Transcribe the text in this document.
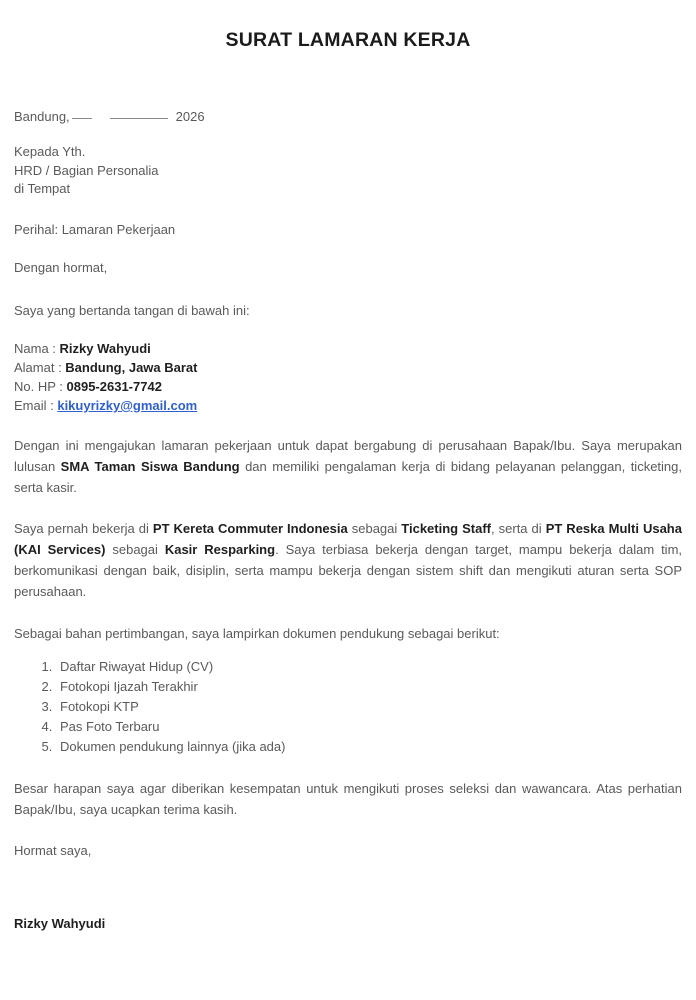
SURAT LAMARAN KERJA
Bandung,	2026
Kepada Yth.
HRD / Bagian Personalia
di Tempat
Perihal: Lamaran Pekerjaan
Dengan hormat,
Saya yang bertanda tangan di bawah ini:
Nama : Rizky Wahyudi
Alamat : Bandung, Jawa Barat
No. HP : 0895-2631-7742
Email : kikuyrizky@gmail.com

Dengan ini mengajukan lamaran pekerjaan untuk dapat bergabung di perusahaan Bapak/Ibu. Saya merupakan lulusan SMA Taman Siswa Bandung dan memiliki pengalaman kerja di bidang pelayanan pelanggan, ticketing, serta kasir.

Saya pernah bekerja di PT Kereta Commuter Indonesia sebagai Ticketing Staff, serta di PT Reska Multi Usaha (KAI Services) sebagai Kasir Resparking. Saya terbiasa bekerja dengan target, mampu bekerja dalam tim, berkomunikasi dengan baik, disiplin, serta mampu bekerja dengan sistem shift dan mengikuti aturan serta SOP perusahaan.

Sebagai bahan pertimbangan, saya lampirkan dokumen pendukung sebagai berikut:
1. Daftar Riwayat Hidup (CV)
2. Fotokopi Ijazah Terakhir
3. Fotokopi KTP
4. Pas Foto Terbaru
5. Dokumen pendukung lainnya (jika ada)

Besar harapan saya agar diberikan kesempatan untuk mengikuti proses seleksi dan wawancara. Atas perhatian Bapak/Ibu, saya ucapkan terima kasih.

Hormat saya,
Rizky Wahyudi
